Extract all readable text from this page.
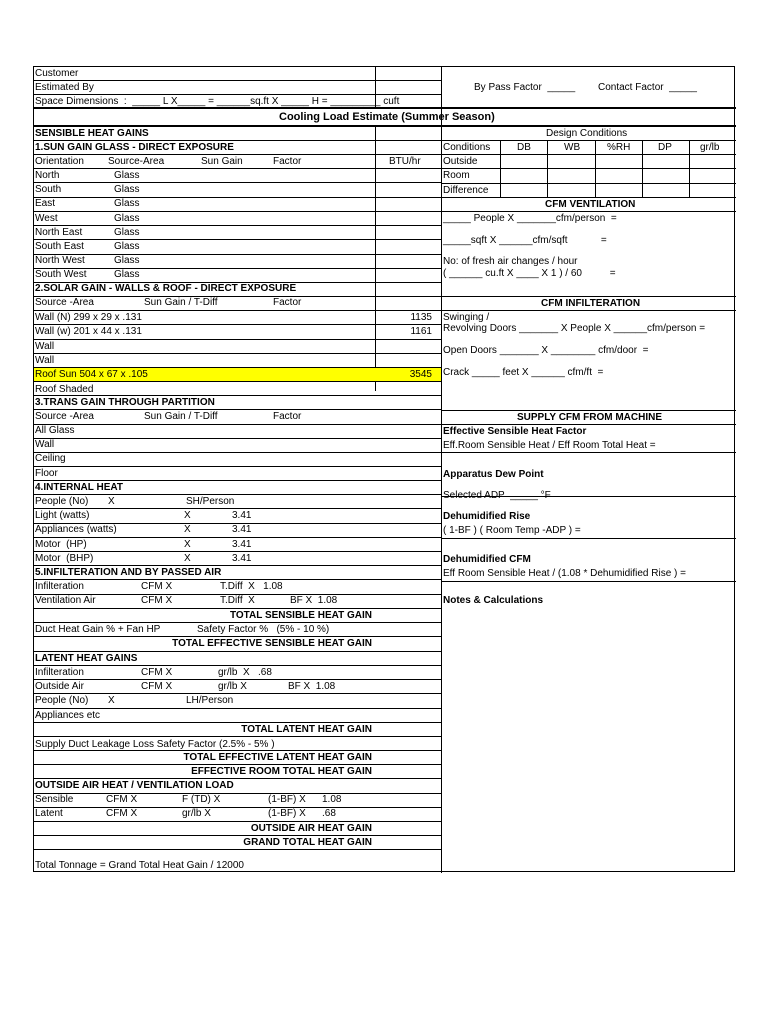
Customer
Estimated By
Space Dimensions  :  _____ L X_____ = ______sq.ft X _____ H = _________ cuft
By Pass Factor  _____ Contact Factor  _____
Cooling Load Estimate (Summer Season)
SENSIBLE HEAT GAINS
1.SUN GAIN GLASS - DIRECT EXPOSURE
Orientation Source-Area	Sun Gain	Factor	BTU/hr
North	Glass
South	Glass
East	Glass
West	Glass
North East	Glass
South East	Glass
North West	Glass
South West	Glass
2.SOLAR GAIN - WALLS & ROOF - DIRECT EXPOSURE
Source -Area	Sun Gain / T-Diff	Factor
Wall (N) 299 x 29 x .131	1135
Wall (w) 201 x 44 x .131	1161
Wall
Wall
Roof Sun 504 x 67 x .105	3545
Roof Shaded
3.TRANS GAIN THROUGH PARTITION
Source -Area	Sun Gain / T-Diff	Factor
All Glass
Wall
Ceiling
Floor
4.INTERNAL HEAT
People (No) X	SH/Person
Light (watts)	X	3.41
Appliances (watts)	X	3.41
Motor  (HP)	X	3.41
Motor  (BHP)	X	3.41
5.INFILTERATION AND BY PASSED AIR
Infilteration	CFM X	T.Diff  X   1.08
Ventilation Air	CFM X	T.Diff  X	BF X  1.08
TOTAL SENSIBLE HEAT GAIN
Duct Heat Gain % + Fan HP	Safety Factor %   (5% - 10 %)
TOTAL EFFECTIVE SENSIBLE HEAT GAIN
LATENT HEAT GAINS
Infilteration	CFM X	gr/lb  X   .68
Outside Air	CFM X	gr/lb X	BF X  1.08
People (No) X	LH/Person
Appliances etc
TOTAL LATENT HEAT GAIN
Supply Duct Leakage Loss Safety Factor (2.5% - 5% )
TOTAL EFFECTIVE LATENT HEAT GAIN
EFFECTIVE ROOM TOTAL HEAT GAIN
OUTSIDE AIR HEAT / VENTILATION LOAD
Sensible	CFM X	F (TD) X	(1-BF) X 1.08
Latent	CFM X	gr/lb X	(1-BF) X .68
OUTSIDE AIR HEAT GAIN
GRAND TOTAL HEAT GAIN
Total Tonnage = Grand Total Heat Gain / 12000
Design Conditions
Conditions	DB	WB	%RH	DP	gr/lb
Outside
Room
Difference
CFM VENTILATION
_____ People X _______cfm/person  =
_____sqft X ______cfm/sqft            =
No: of fresh air changes / hour
( ______ cu.ft X ____ X 1 ) / 60          =
CFM INFILTERATION
Swinging /
Revolving Doors _______ X People X ______cfm/person =
Open Doors _______ X ________ cfm/door  =
Crack _____ feet X ______ cfm/ft  =
SUPPLY CFM FROM MACHINE
Effective Sensible Heat Factor
Eff.Room Sensible Heat / Eff Room Total Heat =
Apparatus Dew Point
Selected ADP  _____ °F
Dehumidified Rise
( 1-BF ) ( Room Temp -ADP ) =
Dehumidified CFM
Eff Room Sensible Heat / (1.08 * Dehumidified Rise ) =
Notes & Calculations
